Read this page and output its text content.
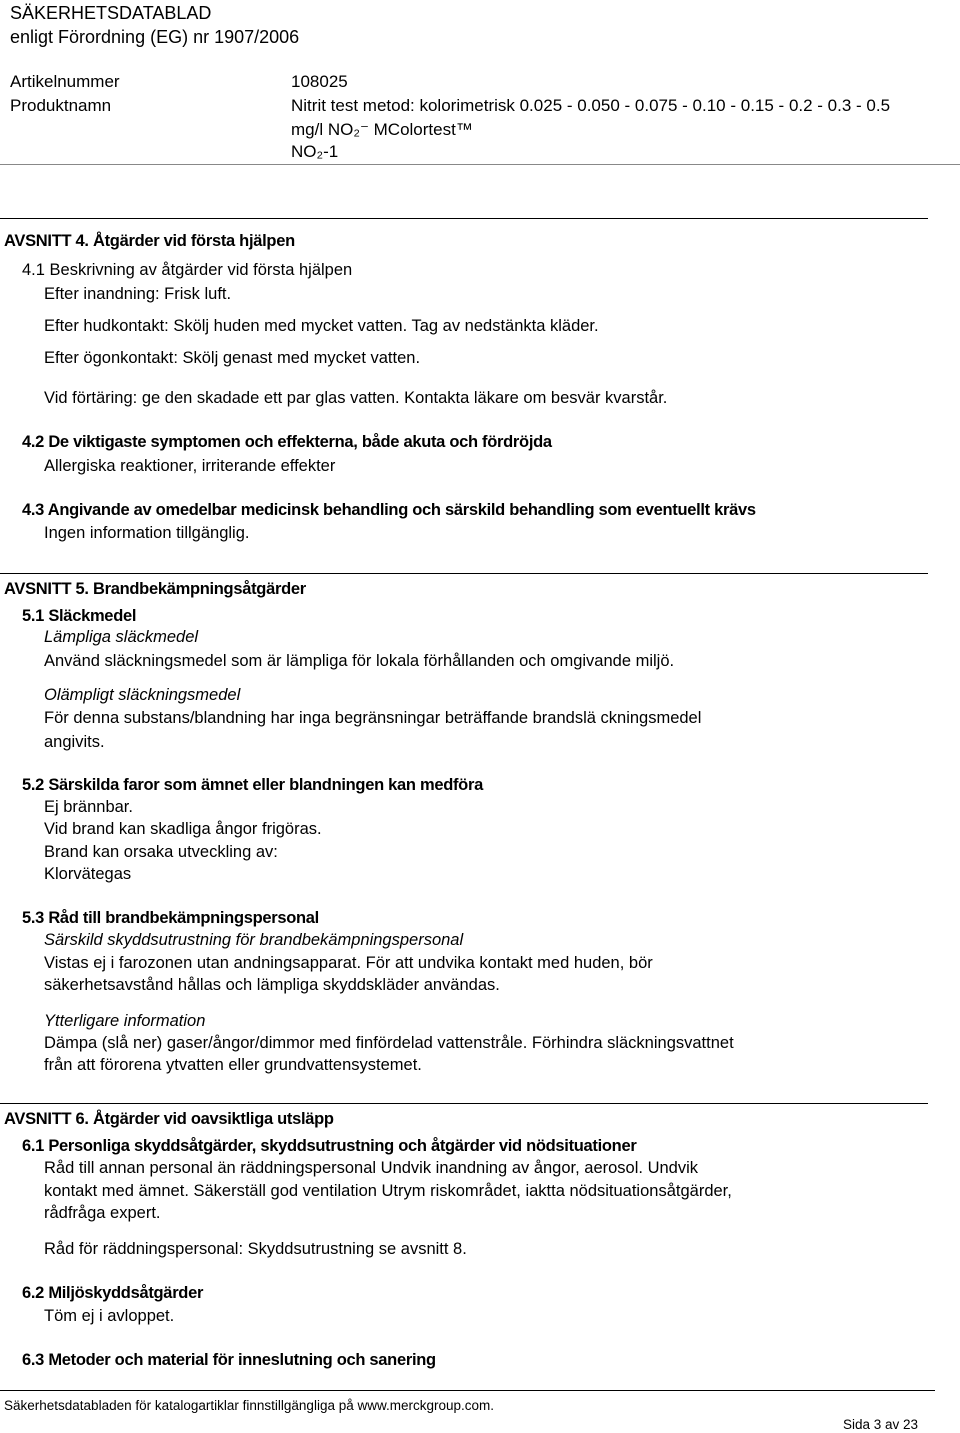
SÄKERHETSDATABLAD
enligt Förordning (EG) nr 1907/2006
Artikelnummer	108025
Produktnamn	Nitrit test metod: kolorimetrisk 0.025 - 0.050 - 0.075 - 0.10 - 0.15 - 0.2 - 0.3 - 0.5
mg/l NO₂⁻ MColortest™
NO₂-1
AVSNITT 4. Åtgärder vid första hjälpen
4.1 Beskrivning av åtgärder vid första hjälpen
Efter inandning: Frisk luft.
Efter hudkontakt: Skölj huden med mycket vatten. Tag av nedstänkta kläder.
Efter ögonkontakt: Skölj genast med mycket vatten.
Vid förtäring: ge den skadade ett par glas vatten. Kontakta läkare om besvär kvarstår.
4.2 De viktigaste symptomen och effekterna, både akuta och fördröjda
Allergiska reaktioner, irriterande effekter
4.3 Angivande av omedelbar medicinsk behandling och särskild behandling som eventuellt krävs
Ingen information tillgänglig.
AVSNITT 5. Brandbekämpningsåtgärder
5.1 Släckmedel
Lämpliga släckmedel
Använd släckningsmedel som är lämpliga för lokala förhållanden och omgivande miljö.
Olämpligt släckningsmedel
För denna substans/blandning har inga begränsningar beträffande brandslä ckningsmedel
angivits.
5.2 Särskilda faror som ämnet eller blandningen kan medföra
Ej brännbar.
Vid brand kan skadliga ångor frigöras.
Brand kan orsaka utveckling av:
Klorvätegas
5.3 Råd till brandbekämpningspersonal
Särskild skyddsutrustning för brandbekämpningspersonal
Vistas ej i farozonen utan andningsapparat. För att undvika kontakt med huden, bör
säkerhetsavstånd hållas och lämpliga skyddskläder användas.
Ytterligare information
Dämpa (slå ner) gaser/ångor/dimmor med finfördelad vattenstråle. Förhindra släckningsvattnet
från att förorena ytvatten eller grundvattensystemet.
AVSNITT 6. Åtgärder vid oavsiktliga utsläpp
6.1 Personliga skyddsåtgärder, skyddsutrustning och åtgärder vid nödsituationer
Råd till annan personal än räddningspersonal Undvik inandning av ångor, aerosol. Undvik
kontakt med ämnet. Säkerställ god ventilation Utrym riskområdet, iaktta nödsituationsåtgärder,
rådfråga expert.
Råd för räddningspersonal: Skyddsutrustning se avsnitt 8.
6.2 Miljöskyddsåtgärder
Töm ej i avloppet.
6.3 Metoder och material för inneslutning och sanering
Säkerhetsdatabladen för katalogartiklar finnstillgängliga på www.merckgroup.com.
Sida 3 av 23
